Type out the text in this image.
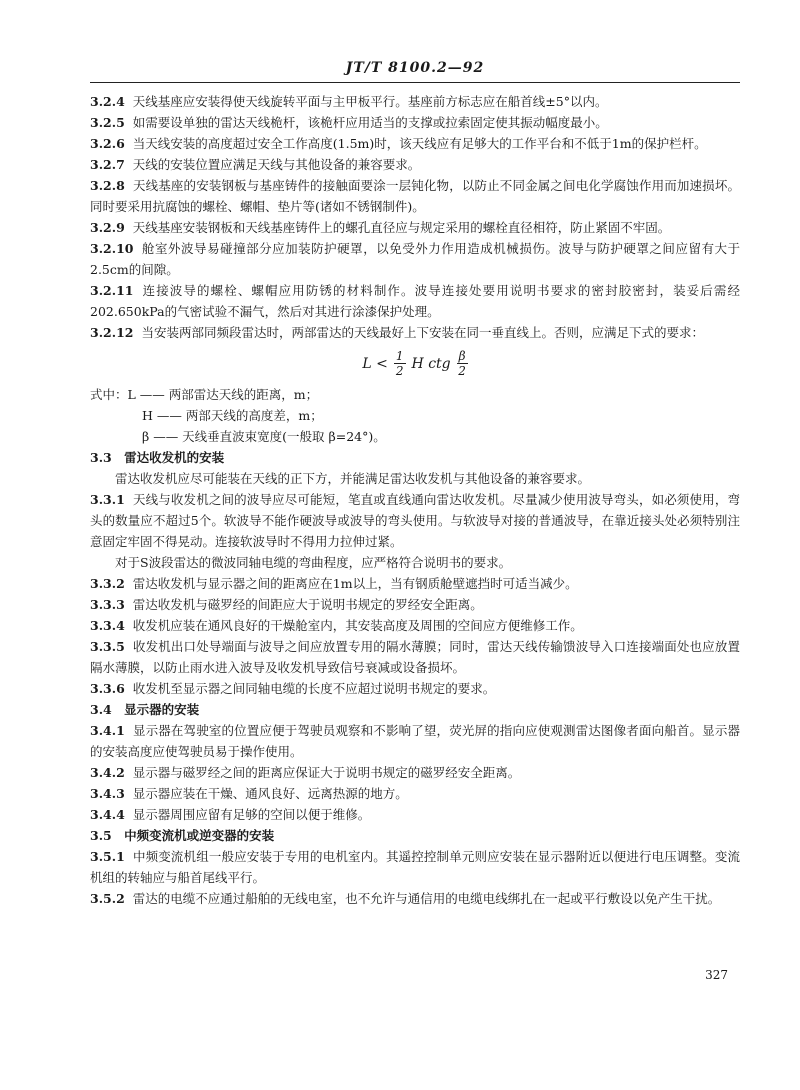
JT/T 8100.2—92

3.2.4 天线基座应安装得使天线旋转平面与主甲板平行。基座前方标志应在船首线±5°以内。

3.2.5 如需要设单独的雷达天线桅杆，该桅杆应用适当的支撑或拉索固定使其振动幅度最小。

3.2.6 当天线安装的高度超过安全工作高度(1.5m)时，该天线应有足够大的工作平台和不低于1m的保护栏杆。

3.2.7 天线的安装位置应满足天线与其他设备的兼容要求。

3.2.8 天线基座的安装钢板与基座铸件的接触面要涂一层钝化物，以防止不同金属之间电化学腐蚀作用而加速损坏。同时要采用抗腐蚀的螺栓、螺帽、垫片等(诸如不锈钢制件)。

3.2.9 天线基座安装钢板和天线基座铸件上的螺孔直径应与规定采用的螺栓直径相符，防止紧固不牢固。

3.2.10 舱室外波导易碰撞部分应加装防护硬罩，以免受外力作用造成机械损伤。波导与防护硬罩之间应留有大于2.5cm的间隙。

3.2.11 连接波导的螺栓、螺帽应用防锈的材料制作。波导连接处要用说明书要求的密封胶密封，装妥后需经202.650kPa的气密试验不漏气，然后对其进行涂漆保护处理。

3.2.12 当安装两部同频段雷达时，两部雷达的天线最好上下安装在同一垂直线上。否则，应满足下式的要求：

$L < \frac{1}{2}$ H ctg $\frac{\beta}{2}$

式中：L —— 两部雷达天线的距离，m；

H —— 两部天线的高度差，m；

β —— 天线垂直波束宽度(一般取 β=24°)。

3.3 雷达收发机的安装

雷达收发机应尽可能装在天线的正下方，并能满足雷达收发机与其他设备的兼容要求。

3.3.1 天线与收发机之间的波导应尽可能短，笔直或直线通向雷达收发机。尽量减少使用波导弯头，如必须使用，弯头的数量应不超过5个。软波导不能作硬波导或波导的弯头使用。与软波导对接的普通波导，在靠近接头处必须特别注意固定牢固不得晃动。连接软波导时不得用力拉伸过紧。

对于S波段雷达的微波同轴电缆的弯曲程度，应严格符合说明书的要求。

3.3.2 雷达收发机与显示器之间的距离应在1m以上，当有钢质舱壁遮挡时可适当减少。

3.3.3 雷达收发机与磁罗经的间距应大于说明书规定的罗经安全距离。

3.3.4 收发机应装在通风良好的干燥舱室内，其安装高度及周围的空间应方便维修工作。

3.3.5 收发机出口处导端面与波导之间应放置专用的隔水薄膜；同时，雷达天线传输馈波导入口连接端面处也应放置隔水薄膜，以防止雨水进入波导及收发机导致信号衰减或设备损坏。

3.3.6 收发机至显示器之间同轴电缆的长度不应超过说明书规定的要求。

3.4 显示器的安装

3.4.1 显示器在驾驶室的位置应便于驾驶员观察和不影响了望，荧光屏的指向应使观测雷达图像者面向船首。显示器的安装高度应使驾驶员易于操作使用。

3.4.2 显示器与磁罗经之间的距离应保证大于说明书规定的磁罗经安全距离。

3.4.3 显示器应装在干燥、通风良好、远离热源的地方。

3.4.4 显示器周围应留有足够的空间以便于维修。

3.5 中频变流机或逆变器的安装

3.5.1 中频变流机组一般应安装于专用的电机室内。其遥控控制单元则应安装在显示器附近以便进行电压调整。变流机组的转轴应与船首尾线平行。

3.5.2 雷达的电缆不应通过船舶的无线电室，也不允许与通信用的电缆电线绑扎在一起或平行敷设以免产生干扰。

327
